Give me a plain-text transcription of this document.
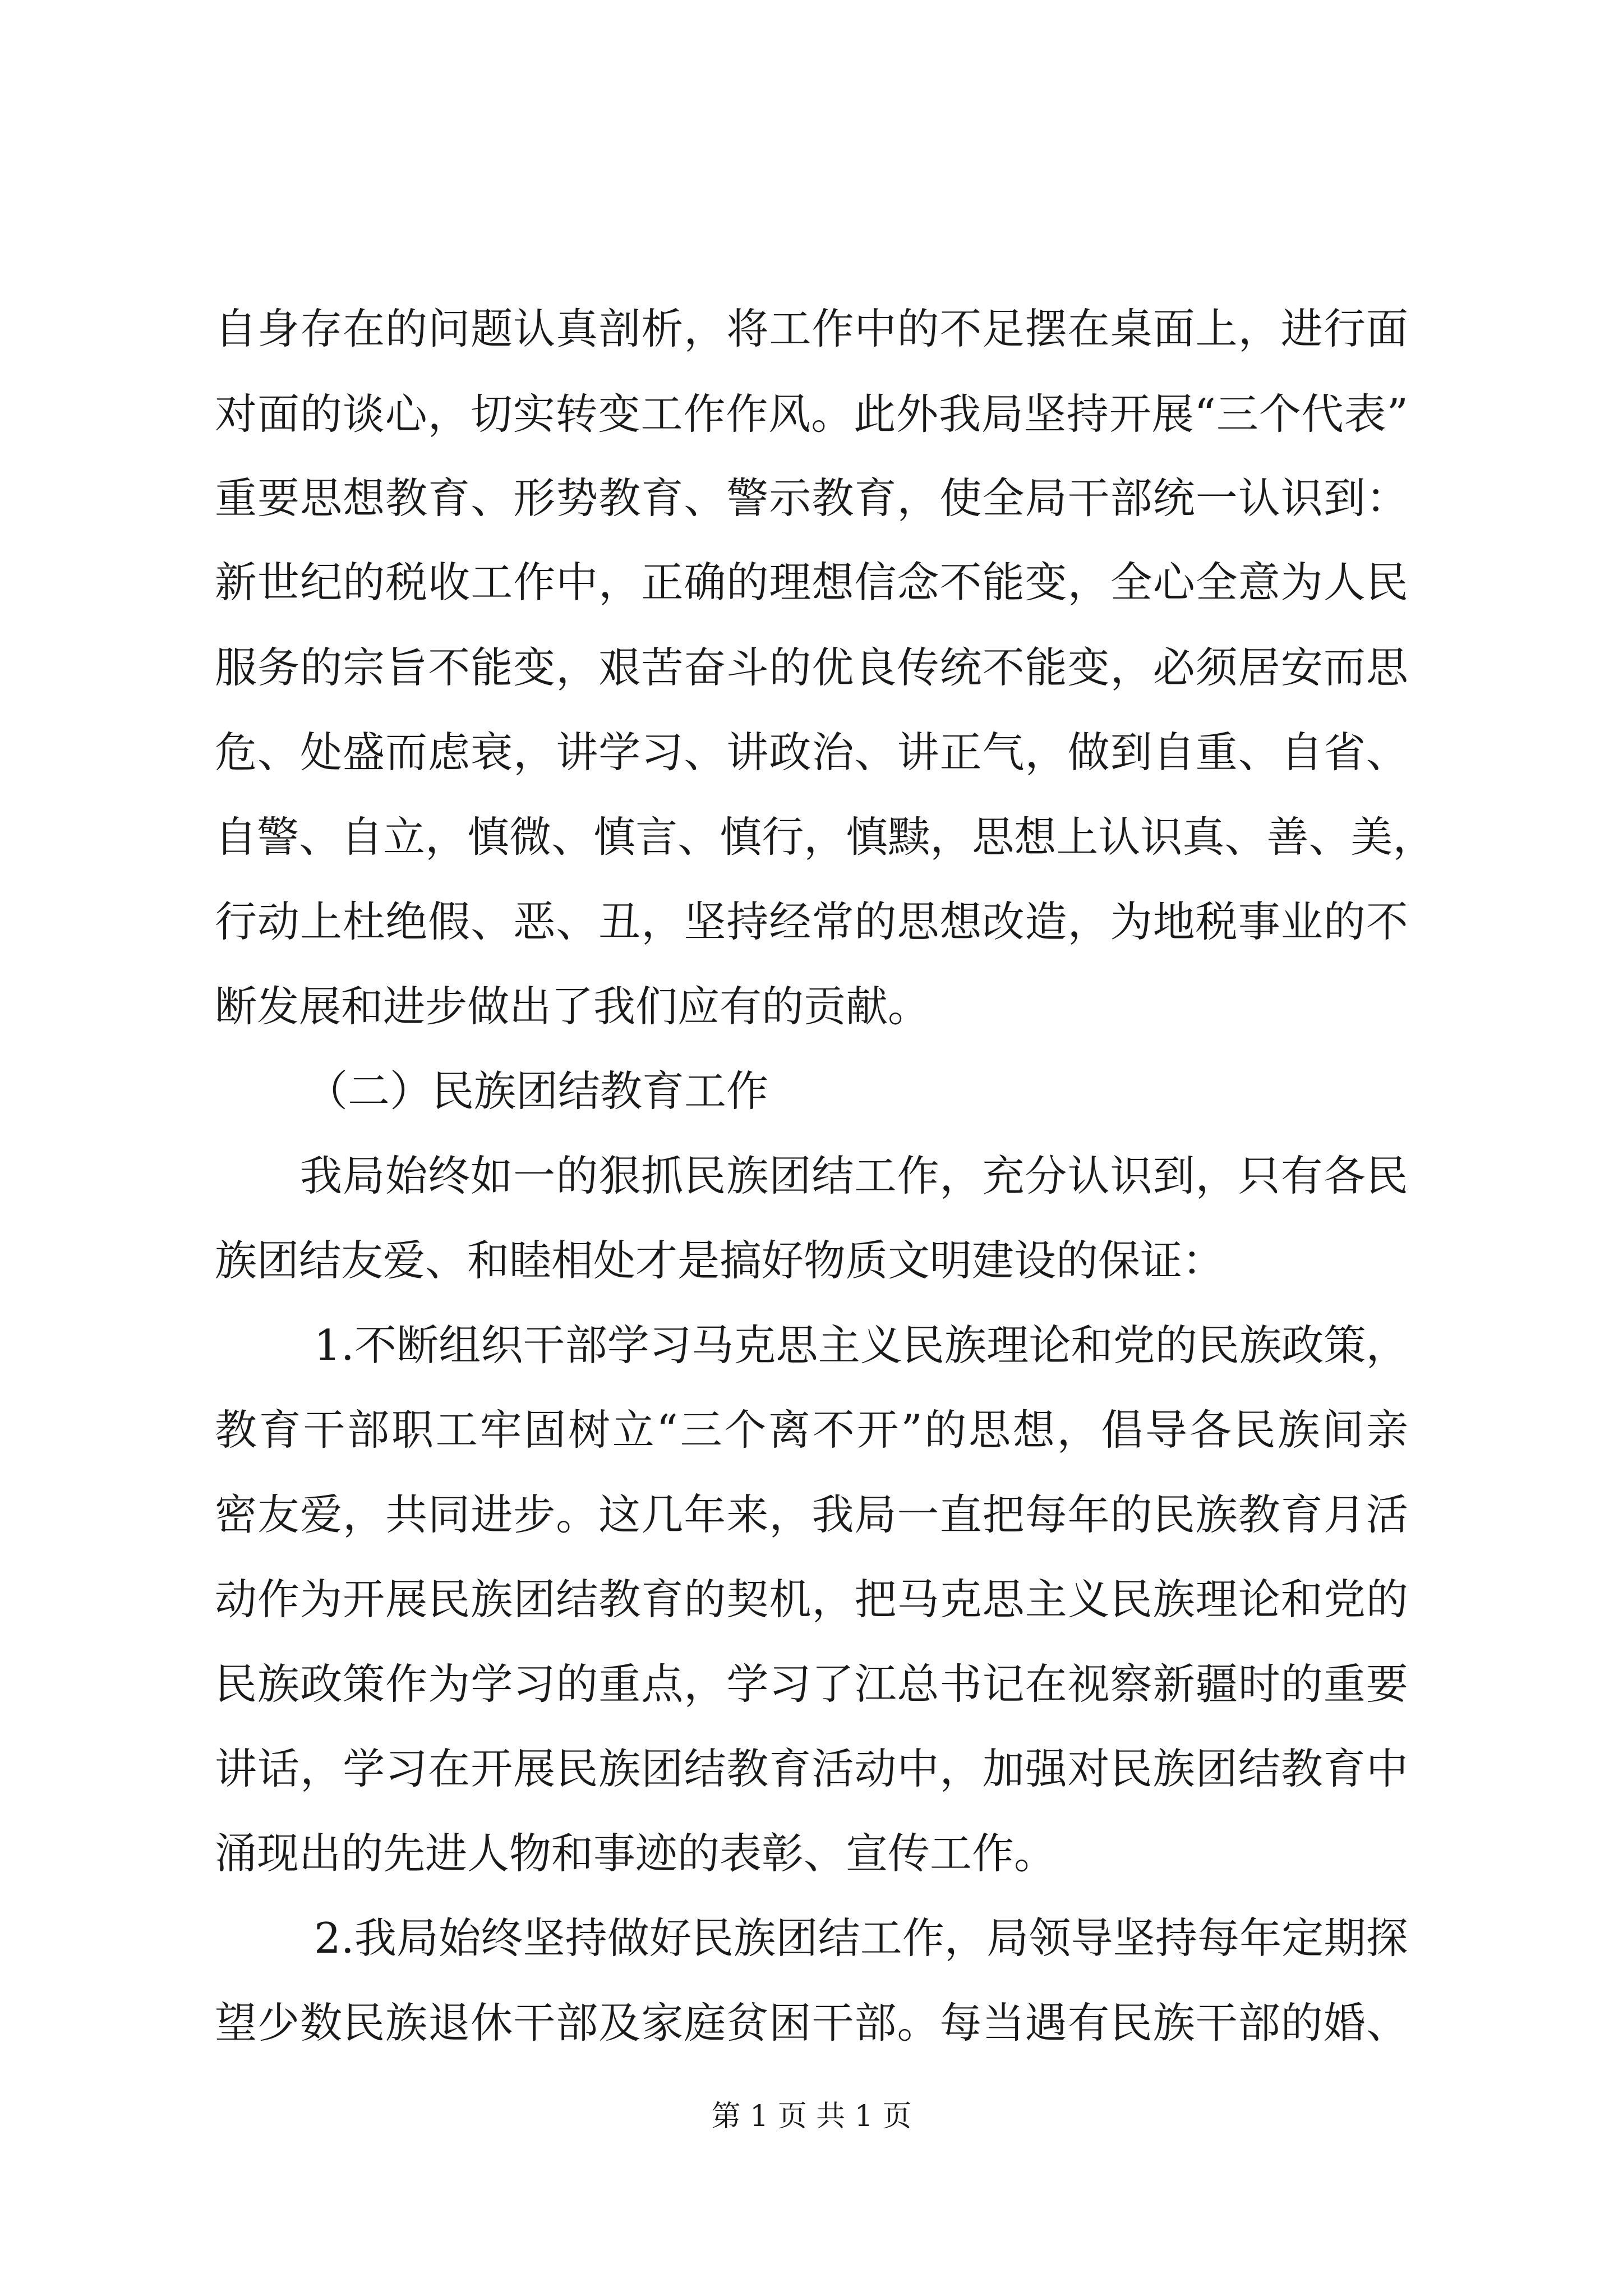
自 身 存 在 的 问 题 认 真 剖 析 ， 将 工 作 中 的 不 足 摆 在 桌 面 上 ， 进 行 面
对 面 的 谈 心 ， 切 实 转 变 工 作 作 风 。 此 外 我 局 坚 持 开 展 “ 三 个 代 表 ”
重 要 思 想 教 育 、 形 势 教 育 、 警 示 教 育 ， 使 全 局 干 部 统 一 认 识 到 ：
新 世 纪 的 税 收 工 作 中 ， 正 确 的 理 想 信 念 不 能 变 ， 全 心 全 意 为 人 民
服 务 的 宗 旨 不 能 变 ， 艰 苦 奋 斗 的 优 良 传 统 不 能 变 ， 必 须 居 安 而 思
危 、 处 盛 而 虑 衰 ， 讲 学 习 、 讲 政 治 、 讲 正 气 ， 做 到 自 重 、 自 省 、
自 警 、 自 立 ， 慎 微 、 慎 言 、 慎 行 ， 慎 黩 ， 思 想 上 认 识 真 、 善 、 美 ，
行 动 上 杜 绝 假 、 恶 、 丑 ， 坚 持 经 常 的 思 想 改 造 ， 为 地 税 事 业 的 不
断发展和进步做出了我们应有的贡献。
（二）民族团结教育工作
我 局 始 终 如 一 的 狠 抓 民 族 团 结 工 作 ， 充 分 认 识 到 ， 只 有 各 民
族团结友爱、和睦相处才是搞好物质文明建设的保证：
1 . 不 断 组 织 干 部 学 习 马 克 思 主 义 民 族 理 论 和 党 的 民 族 政 策 ，
教 育 干 部 职 工 牢 固 树 立 “ 三 个 离 不 开 ” 的 思 想 ， 倡 导 各 民 族 间 亲
密 友 爱 ， 共 同 进 步 。 这 几 年 来 ， 我 局 一 直 把 每 年 的 民 族 教 育 月 活
动 作 为 开 展 民 族 团 结 教 育 的 契 机 ， 把 马 克 思 主 义 民 族 理 论 和 党 的
民 族 政 策 作 为 学 习 的 重 点 ， 学 习 了 江 总 书 记 在 视 察 新 疆 时 的 重 要
讲 话 ， 学 习 在 开 展 民 族 团 结 教 育 活 动 中 ， 加 强 对 民 族 团 结 教 育 中
涌现出的先进人物和事迹的表彰、宣传工作。
2 . 我 局 始 终 坚 持 做 好 民 族 团 结 工 作 ， 局 领 导 坚 持 每 年 定 期 探
望 少 数 民 族 退 休 干 部 及 家 庭 贫 困 干 部 。 每 当 遇 有 民 族 干 部 的 婚 、
第 1 页 共 1 页
